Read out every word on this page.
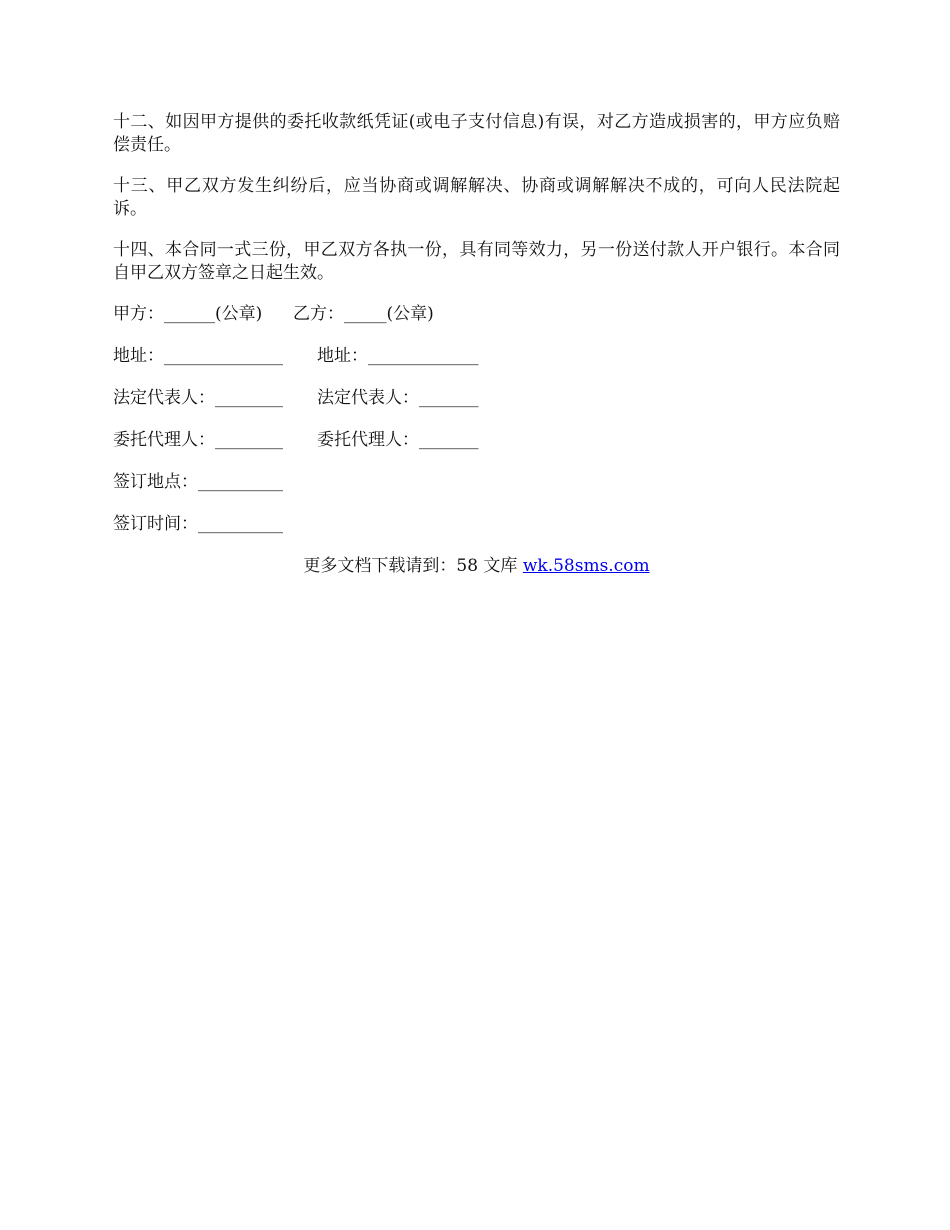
十二、如因甲方提供的委托收款纸凭证(或电子支付信息)有误，对乙方造成损害的，甲方应负赔偿责任。

十三、甲乙双方发生纠纷后，应当协商或调解解决、协商或调解解决不成的，可向人民法院起诉。

十四、本合同一式三份，甲乙双方各执一份，具有同等效力，另一份送付款人开户银行。本合同自甲乙双方签章之日起生效。

甲方：______(公章) 乙方：_____(公章)
地址：______________ 地址：_____________
法定代表人：________ 法定代表人：_______
委托代理人：________ 委托代理人：_______
签订地点：__________
签订时间：__________
更多文档下载请到：58 文库 wk.58sms.com
